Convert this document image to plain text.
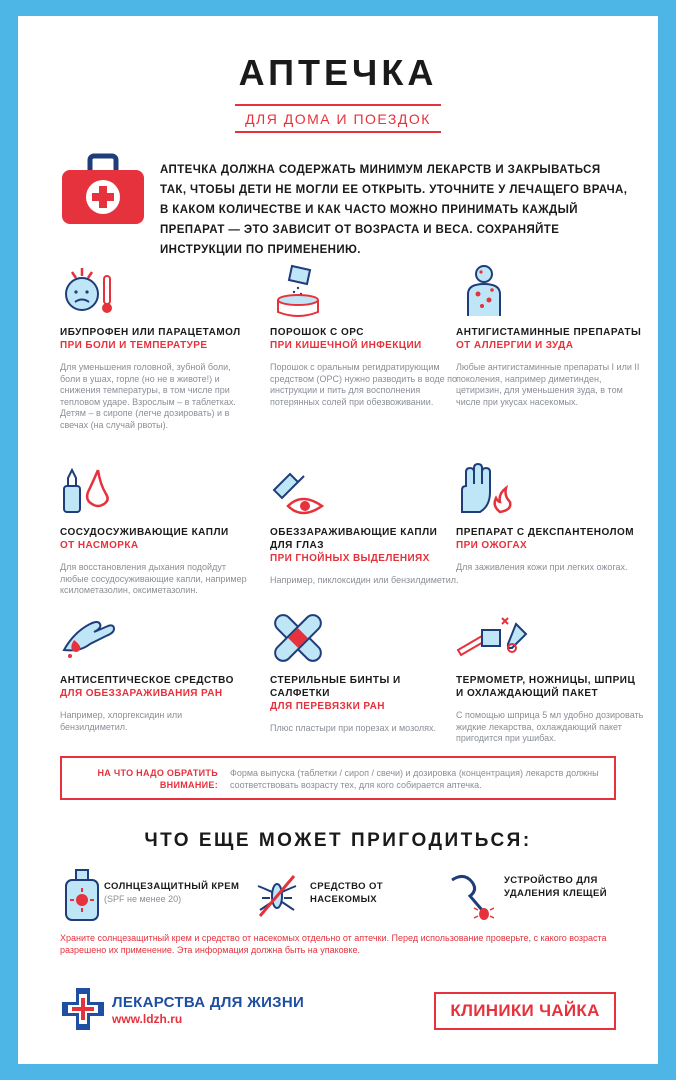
АПТЕЧКА
ДЛЯ ДОМА И ПОЕЗДОК
АПТЕЧКА ДОЛЖНА СОДЕРЖАТЬ МИНИМУМ ЛЕКАРСТВ И ЗАКРЫВАТЬСЯ ТАК, ЧТОБЫ ДЕТИ НЕ МОГЛИ ЕЕ ОТКРЫТЬ. УТОЧНИТЕ У ЛЕЧАЩЕГО ВРАЧА, В КАКОМ КОЛИЧЕСТВЕ И КАК ЧАСТО МОЖНО ПРИНИМАТЬ КАЖДЫЙ ПРЕПАРАТ — ЭТО ЗАВИСИТ ОТ ВОЗРАСТА И ВЕСА. СОХРАНЯЙТЕ ИНСТРУКЦИИ ПО ПРИМЕНЕНИЮ.
ИБУПРОФЕН ИЛИ ПАРАЦЕТАМОЛ
ПРИ БОЛИ И ТЕМПЕРАТУРЕ
Для уменьшения головной, зубной боли, боли в ушах, горле (но не в животе!) и снижения температуры, в том числе при тепловом ударе. Взрослым – в таблетках. Детям – в сиропе (легче дозировать) и в свечах (на случай рвоты).
ПОРОШОК С ОРС
ПРИ КИШЕЧНОЙ ИНФЕКЦИИ
Порошок с оральным регидратирующим средством (ОРС) нужно разводить в воде по инструкции и пить для восполнения потерянных солей при обезвоживании.
АНТИГИСТАМИННЫЕ ПРЕПАРАТЫ
ОТ АЛЛЕРГИИ И ЗУДА
Любые антигистаминные препараты I или II поколения, например диметинден, цетиризин, для уменьшения зуда, в том числе при укусах насекомых.
СОСУДОСУЖИВАЮЩИЕ КАПЛИ
ОТ НАСМОРКА
Для восстановления дыхания подойдут любые сосудосуживающие капли, например ксилометазолин, оксиметазолин.
ОБЕЗЗАРАЖИВАЮЩИЕ КАПЛИ ДЛЯ ГЛАЗ
ПРИ ГНОЙНЫХ ВЫДЕЛЕНИЯХ
Например, пиклоксидин или бензилдиметил.
ПРЕПАРАТ С ДЕКСПАНТЕНОЛОМ
ПРИ ОЖОГАХ
Для заживления кожи при легких ожогах.
АНТИСЕПТИЧЕСКОЕ СРЕДСТВО
ДЛЯ ОБЕЗЗАРАЖИВАНИЯ РАН
Например, хлоргексидин или бензилдиметил.
СТЕРИЛЬНЫЕ БИНТЫ И САЛФЕТКИ
ДЛЯ ПЕРЕВЯЗКИ РАН
Плюс пластыри при порезах и мозолях.
ТЕРМОМЕТР, НОЖНИЦЫ, ШПРИЦ И ОХЛАЖДАЮЩИЙ ПАКЕТ
С помощью шприца 5 мл удобно дозировать жидкие лекарства, охлаждающий пакет пригодится при ушибах.
НА ЧТО НАДО ОБРАТИТЬ ВНИМАНИЕ:
Форма выпуска (таблетки / сироп / свечи) и дозировка (концентрация) лекарств должны соответствовать возрасту тех, для кого собирается аптечка.
ЧТО ЕЩЕ МОЖЕТ ПРИГОДИТЬСЯ:
СОЛНЦЕЗАЩИТНЫЙ КРЕМ
(SPF не менее 20)
СРЕДСТВО ОТ НАСЕКОМЫХ
УСТРОЙСТВО ДЛЯ УДАЛЕНИЯ КЛЕЩЕЙ
Храните солнцезащитный крем и средство от насекомых отдельно от аптечки. Перед использование проверьте, с какого возраста разрешено их применение. Эта информация должна быть на упаковке.
ЛЕКАРСТВА ДЛЯ ЖИЗНИ
www.ldzh.ru	КЛИНИКИ ЧАЙКА
